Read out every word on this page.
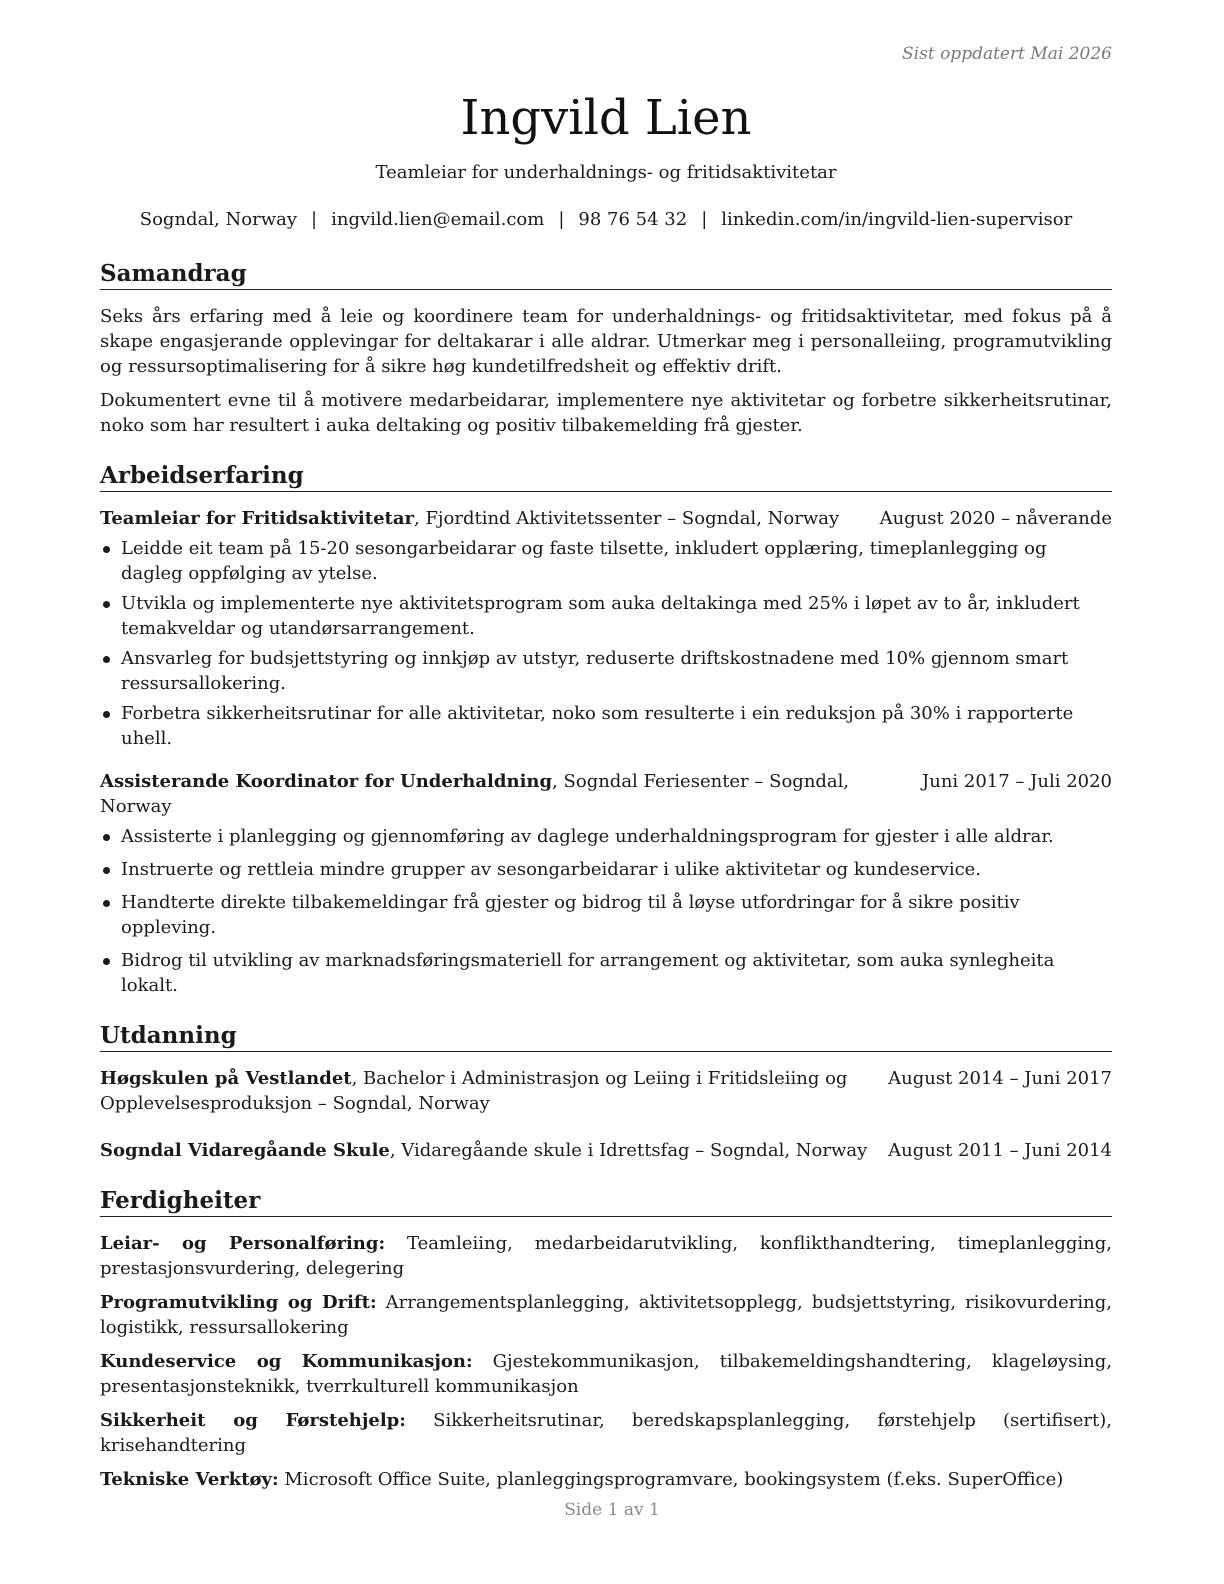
Sist oppdatert Mai 2026
Ingvild Lien
Teamleiar for underhaldnings- og fritidsaktivitetar
Sogndal, Norway | ingvild.lien@email.com | 98 76 54 32 | linkedin.com/in/ingvild-lien-supervisor
Samandrag

Seks års erfaring med å leie og koordinere team for underhaldnings- og fritidsaktivitetar, med fokus på å skape engasjerande opplevingar for deltakarar i alle aldrar. Utmerkar meg i personalleiing, programutvikling og ressursoptimalisering for å sikre høg kundetilfredsheit og effektiv drift.

Dokumentert evne til å motivere medarbeidarar, implementere nye aktivitetar og forbetre sikkerheitsrutinar, noko som har resultert i auka deltaking og positiv tilbakemelding frå gjester.

Arbeidserfaring
Teamleiar for Fritidsaktivitetar, Fjordtind Aktivitetssenter – Sogndal, Norway	August 2020 – nåverande
Leidde eit team på 15-20 sesongarbeidarar og faste tilsette, inkludert opplæring, timeplanlegging og dagleg oppfølging av ytelse.
Utvikla og implementerte nye aktivitetsprogram som auka deltakinga med 25% i løpet av to år, inkludert temakveldar og utandørsarrangement.
Ansvarleg for budsjettstyring og innkjøp av utstyr, reduserte driftskostnadene med 10% gjennom smart ressursallokering.
Forbetra sikkerheitsrutinar for alle aktivitetar, noko som resulterte i ein reduksjon på 30% i rapporterte uhell.
Assisterande Koordinator for Underhaldning, Sogndal Feriesenter – Sogndal, Norway
Juni 2017 – Juli 2020
Assisterte i planlegging og gjennomføring av daglege underhaldningsprogram for gjester i alle aldrar.
Instruerte og rettleia mindre grupper av sesongarbeidarar i ulike aktivitetar og kundeservice.
Handterte direkte tilbakemeldingar frå gjester og bidrog til å løyse utfordringar for å sikre positiv oppleving.
Bidrog til utvikling av marknadsføringsmateriell for arrangement og aktivitetar, som auka synlegheita lokalt.
Utdanning
Høgskulen på Vestlandet, Bachelor i Administrasjon og Leiing i Fritidsleiing og Opplevelsesproduksjon – Sogndal, Norway
August 2014 – Juni 2017
Sogndal Vidaregåande Skule, Vidaregåande skule i Idrettsfag – Sogndal, Norway	August 2011 – Juni 2014
Ferdigheiter
Leiar- og Personalføring: Teamleiing, medarbeidarutvikling, konflikthandtering, timeplanlegging, prestasjonsvurdering, delegering
Programutvikling og Drift: Arrangementsplanlegging, aktivitetsopplegg, budsjettstyring, risikovurdering, logistikk, ressursallokering
Kundeservice og Kommunikasjon: Gjestekommunikasjon, tilbakemeldingshandtering, klageløysing, presentasjonsteknikk, tverrkulturell kommunikasjon
Sikkerheit og Førstehjelp: Sikkerheitsrutinar, beredskapsplanlegging, førstehjelp (sertifisert), krisehandtering
Tekniske Verktøy: Microsoft Office Suite, planleggingsprogramvare, bookingsystem (f.eks. SuperOffice)
Side 1 av 1
